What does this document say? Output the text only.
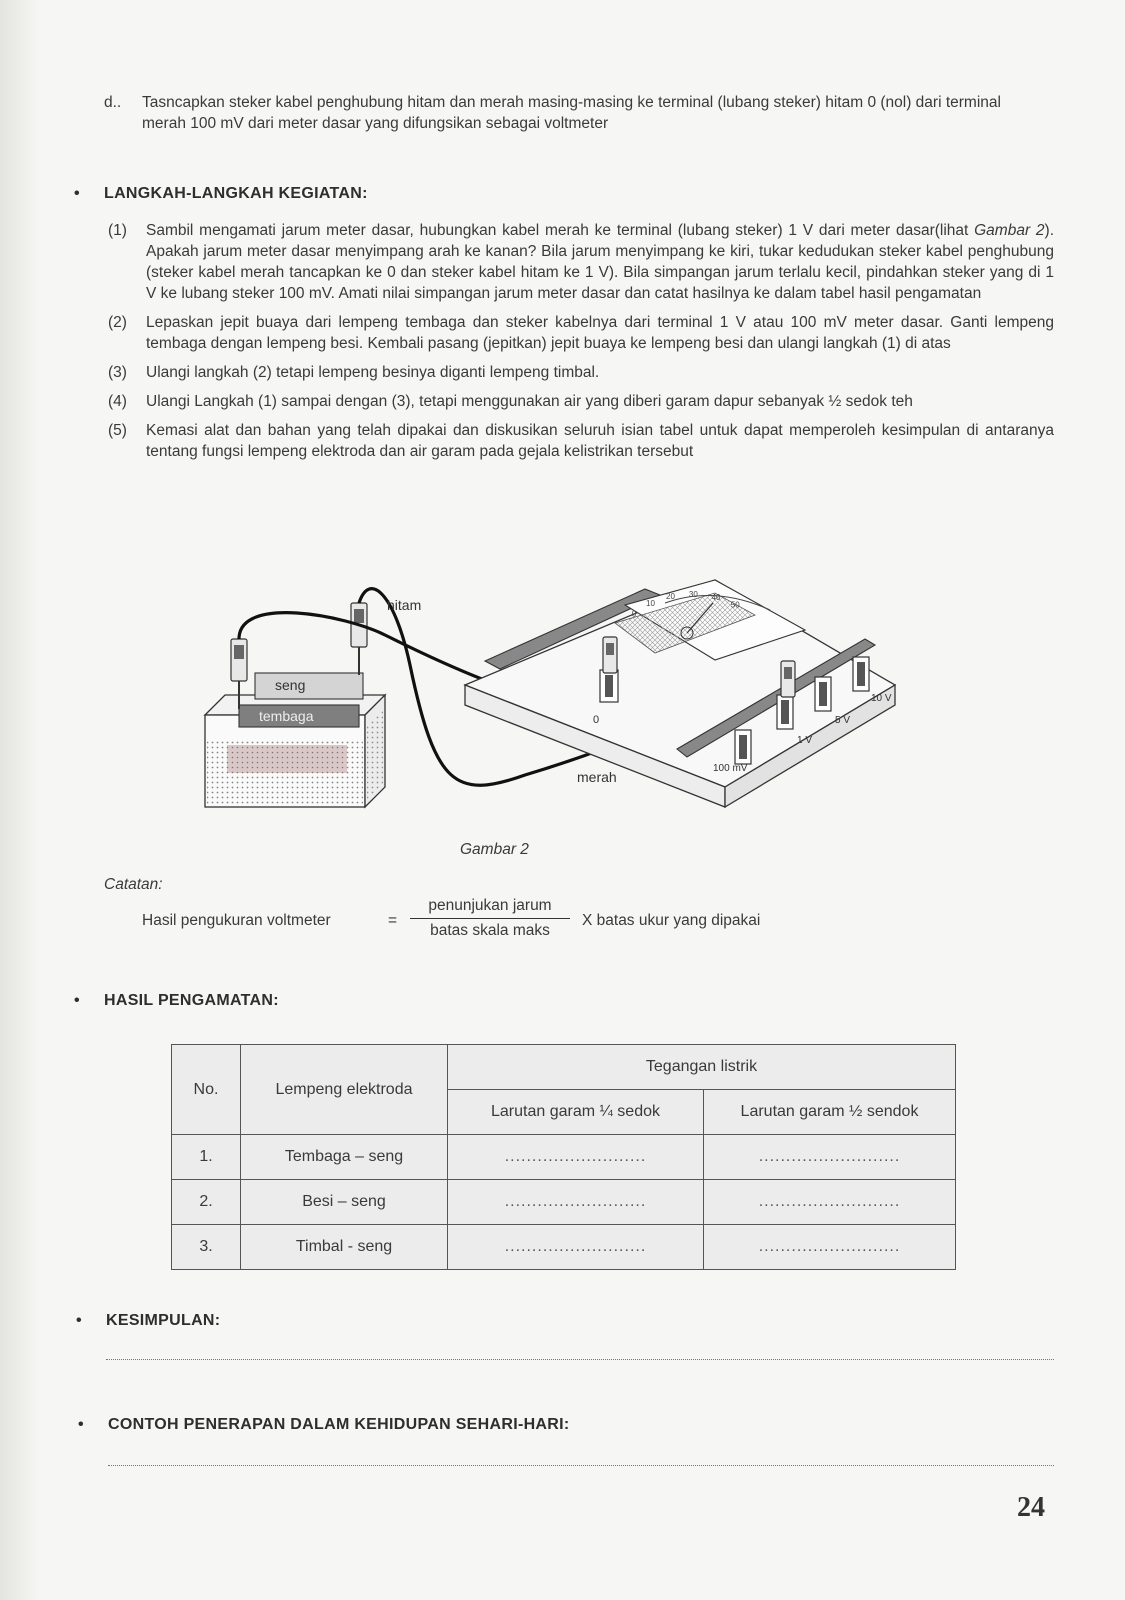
d.. Tasncapkan steker kabel penghubung hitam dan merah masing-masing ke terminal (lubang steker) hitam 0 (nol) dari terminal merah 100 mV dari meter dasar yang difungsikan sebagai voltmeter
• LANGKAH-LANGKAH KEGIATAN:
(1) Sambil mengamati jarum meter dasar, hubungkan kabel merah ke terminal (lubang steker) 1 V dari meter dasar(lihat Gambar 2). Apakah jarum meter dasar menyimpang arah ke kanan? Bila jarum menyimpang ke kiri, tukar kedudukan steker kabel penghubung (steker kabel merah tancapkan ke 0 dan steker kabel hitam ke 1 V). Bila simpangan jarum terlalu kecil, pindahkan steker yang di 1 V ke lubang steker 100 mV. Amati nilai simpangan jarum meter dasar dan catat hasilnya ke dalam tabel hasil pengamatan
(2) Lepaskan jepit buaya dari lempeng tembaga dan steker kabelnya dari terminal 1 V atau 100 mV meter dasar. Ganti lempeng tembaga dengan lempeng besi. Kembali pasang (jepitkan) jepit buaya ke lempeng besi dan ulangi langkah (1) di atas
(3) Ulangi langkah (2) tetapi lempeng besinya diganti lempeng timbal.
(4) Ulangi Langkah (1) sampai dengan (3), tetapi menggunakan air yang diberi garam dapur sebanyak ½ sedok teh
(5) Kemasi alat dan bahan yang telah dipakai dan diskusikan seluruh isian tabel untuk dapat memperoleh kesimpulan di antaranya tentang fungsi lempeng elektroda dan air garam pada gejala kelistrikan tersebut
seng
tembaga
hitam
merah
0
1 V
5 V
10 V
100 mV
0
10
20 30 40
50
Gambar 2
Catatan:
Hasil pengukuran voltmeter	=
penunjukan jarum
batas skala maks
X batas ukur yang dipakai
• HASIL PENGAMATAN:
No.	Lempeng elektroda	Tegangan listrik	
		Larutan garam ¼ sedok	Larutan garam ½ sendok
1.	Tembaga – seng	..........................	..........................
2.	Besi – seng	..........................	..........................
3.	Timbal - seng	..........................	..........................
• KESIMPULAN:
• CONTOH PENERAPAN DALAM KEHIDUPAN SEHARI-HARI:
24
